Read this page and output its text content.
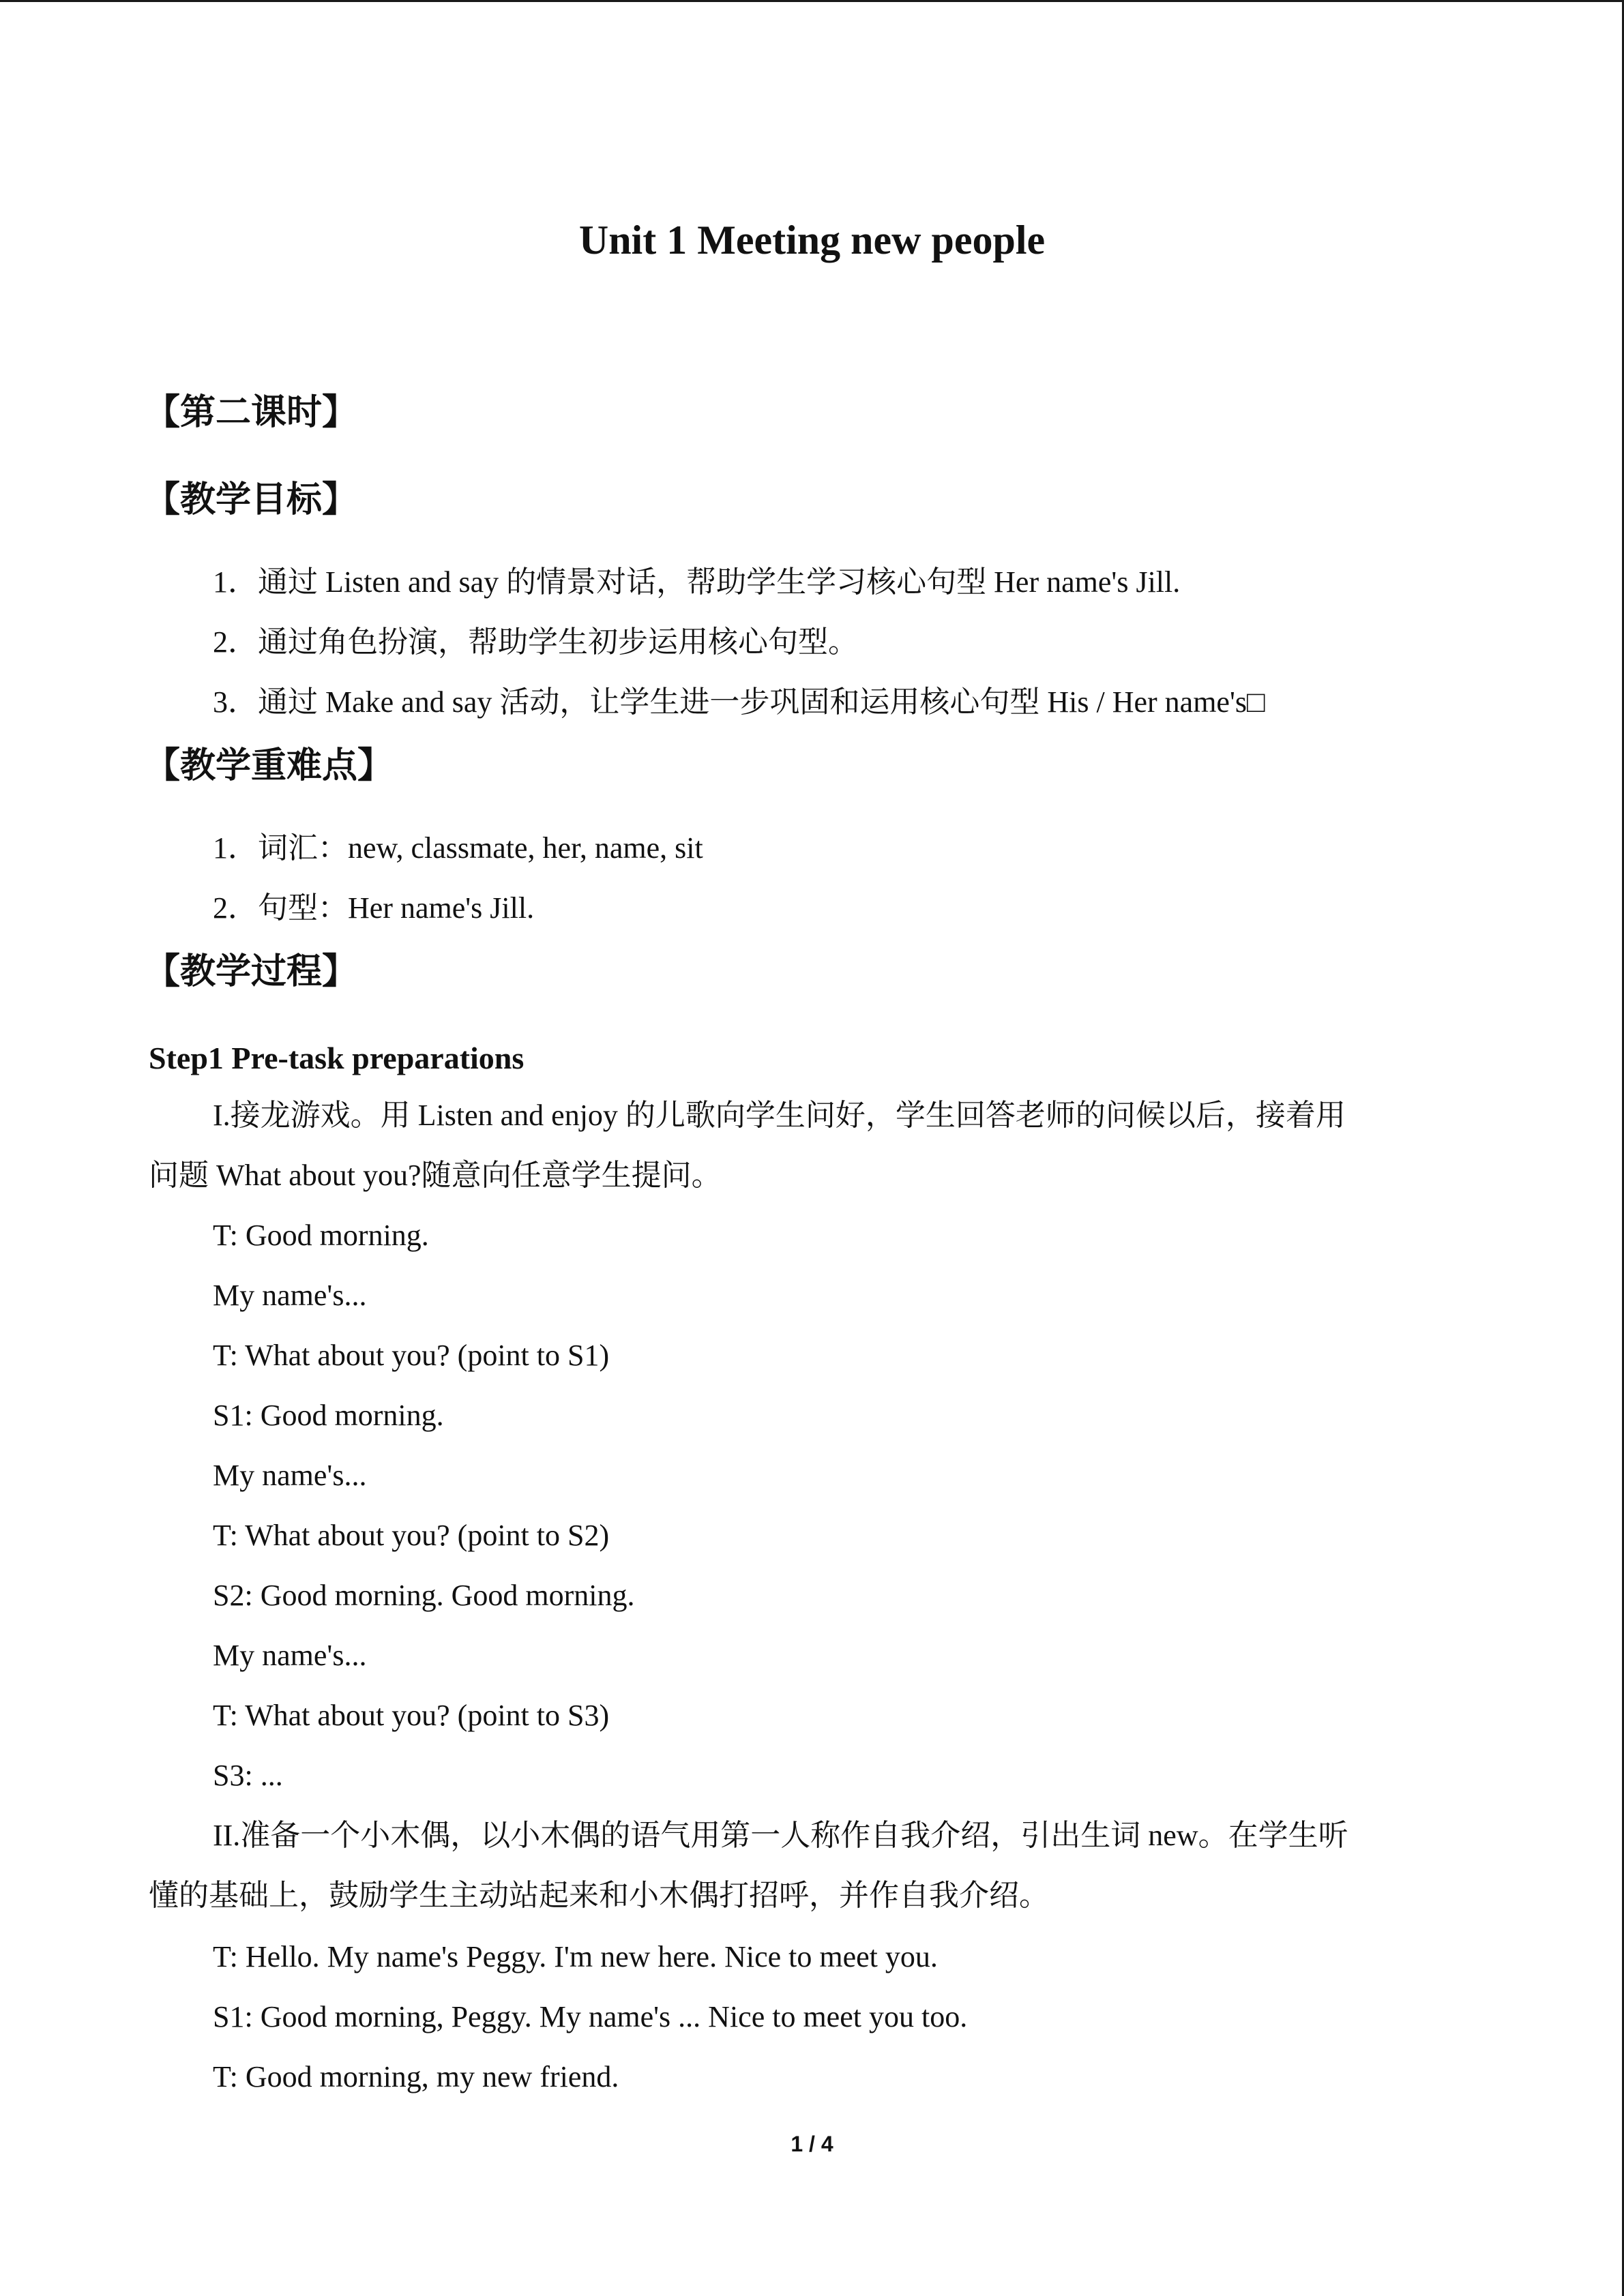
Unit 1 Meeting new people
【第二课时】
【教学目标】
1．通过 Listen and say 的情景对话，帮助学生学习核心句型 Her name's Jill.
2．通过角色扮演，帮助学生初步运用核心句型。
3．通过 Make and say 活动，让学生进一步巩固和运用核心句型 His / Her name's□
【教学重难点】
1．词汇：new, classmate, her, name, sit
2．句型：Her name's Jill.
【教学过程】
Step1 Pre-task preparations
I.接龙游戏。用 Listen and enjoy 的儿歌向学生问好，学生回答老师的问候以后，接着用
问题 What about you?随意向任意学生提问。
T: Good morning.
My name's...
T: What about you? (point to S1)
S1: Good morning.
My name's...
T: What about you? (point to S2)
S2: Good morning. Good morning.
My name's...
T: What about you? (point to S3)
S3: ...
II.准备一个小木偶，以小木偶的语气用第一人称作自我介绍，引出生词 new。在学生听
懂的基础上，鼓励学生主动站起来和小木偶打招呼，并作自我介绍。
T: Hello. My name's Peggy. I'm new here. Nice to meet you.
S1: Good morning, Peggy. My name's ... Nice to meet you too.
T: Good morning, my new friend.
1 / 4
